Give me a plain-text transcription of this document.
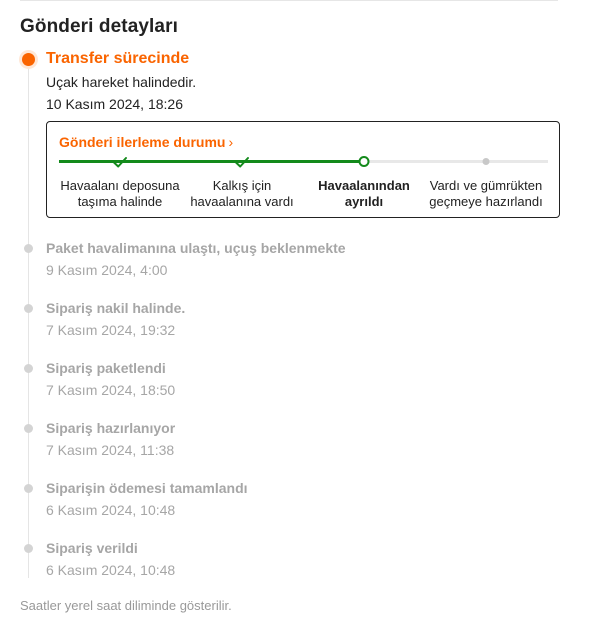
Gönderi detayları
Transfer sürecinde
Uçak hareket halindedir.
10 Kasım 2024, 18:26
Gönderi ilerleme durumu ›
Havaalanı deposuna
taşıma halinde
Kalkış için
havaalanına vardı
Havaalanından
ayrıldı
Vardı ve gümrükten
geçmeye hazırlandı
Paket havalimanına ulaştı, uçuş beklenmekte
9 Kasım 2024, 4:00
Sipariş nakil halinde.
7 Kasım 2024, 19:32
Sipariş paketlendi
7 Kasım 2024, 18:50
Sipariş hazırlanıyor
7 Kasım 2024, 11:38
Siparişin ödemesi tamamlandı
6 Kasım 2024, 10:48
Sipariş verildi
6 Kasım 2024, 10:48
Saatler yerel saat diliminde gösterilir.
